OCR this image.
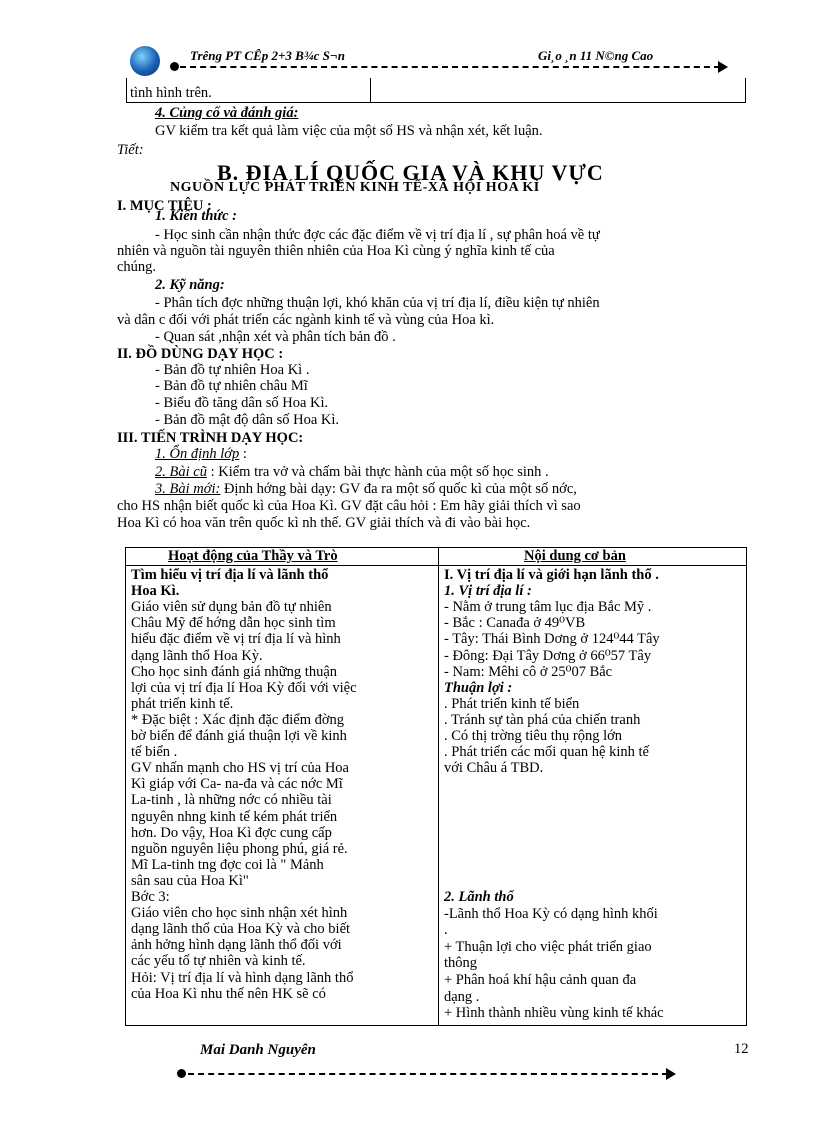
Trêng PT CÊp 2+3 B¾c S¬n	Gi¸o ¸n 11 N©ng Cao
tình hình trên.
4. Củng cố và đánh giá:
GV kiểm tra kết quả làm việc của một số HS và nhận xét, kết luận.
Tiết:
B. ĐỊA LÍ QUỐC GIA VÀ KHU VỰC
NGUỒN LỰC PHÁT TRIỂN KINH TẾ-XÃ HỘI HOA KÌ
I. MỤC TIÊU :
1. Kiến thức :
- Học sinh cần nhận thức đợc các đặc điểm về vị trí địa lí , sự phân hoá về tự
nhiên và nguồn tài nguyên thiên nhiên của Hoa Kì cùng ý nghĩa kinh tế của
chúng.
2. Kỹ năng:
- Phân tích đợc những thuận lợi, khó khăn của vị trí địa lí, điều kiện tự nhiên
và dân c đối với phát triển các ngành kinh tế và vùng của Hoa kì.
- Quan sát ,nhận xét và phân tích bản đồ .
II. ĐỒ DÙNG DẠY HỌC :
- Bản đồ tự nhiên Hoa Kì .
- Bản đồ tự nhiên châu Mĩ
- Biểu đồ tăng dân số Hoa Kì.
- Bản đồ mật độ dân số Hoa Kì.
III. TIẾN TRÌNH DẠY HỌC:
1. Ổn định lớp :
2. Bài cũ : Kiểm tra vở và chấm bài thực hành của một số học sinh .
3. Bài mới: Định hớng bài dạy: GV đa ra một số quốc kì của một số nớc,
cho HS nhận biết quốc kì của Hoa Kì. GV đặt câu hỏi : Em hãy giải thích vì sao
Hoa Kì có hoa văn trên quốc kì nh thế. GV giải thích và đi vào bài học.
Hoạt động của Thầy và Trò	Nội dung cơ bản
Tìm hiểu vị trí địa lí và lãnh thổ
Hoa Kì.
Giáo viên sử dụng bản đồ tự nhiên
Châu Mỹ để hớng dẫn học sinh tìm
hiểu đặc điểm về vị trí địa lí và hình
dạng lãnh thổ Hoa Kỳ.
Cho học sinh đánh giá những thuận
lợi của vị trí địa lí Hoa Kỳ đối với việc
phát triển kinh tế.
* Đặc biệt : Xác định đặc điểm đờng
bờ biển để đánh giá thuận lợi về kinh
tế biển .
GV nhấn mạnh cho HS vị trí của Hoa
Kì giáp với Ca- na-đa và các nớc Mĩ
La-tinh , là những nớc có nhiều tài
nguyên nhng kinh tế kém phát triển
hơn. Do vậy, Hoa Kì đợc cung cấp
nguồn nguyên liệu phong phú, giá rẻ.
Mĩ La-tinh tng đợc coi là " Mảnh
sân sau của Hoa Kì"
Bớc 3:
Giáo viên cho học sinh nhận xét hình
dạng lãnh thổ của Hoa Kỳ và cho biết
ảnh hởng hình dạng lãnh thổ đối với
các yếu tố tự nhiên và kinh tế.
Hỏi: Vị trí địa lí và hình dạng lãnh thổ
của Hoa Kì nhu thế nên HK sẽ có
I. Vị trí địa lí và giới hạn lãnh thổ .
1. Vị trí địa lí :
- Nằm ở trung tâm lục địa Bắc Mỹ .
- Bắc : Canađa ở 49⁰VB
- Tây: Thái Bình Dơng ở 124⁰44 Tây
- Đông: Đại Tây Dơng ở 66⁰57 Tây
- Nam: Mêhi cô ở 25⁰07 Bắc
Thuận lợi :
. Phát triển kinh tế biển
. Tránh sự tàn phá của chiến tranh
. Có thị trờng tiêu thụ rộng lớn
. Phát triển các mối quan hệ kinh tế
với Châu á TBD.
2. Lãnh thổ
-Lãnh thổ Hoa Kỳ có dạng hình khối
.
+ Thuận lợi cho việc phát triển giao
thông
+ Phân hoá khí hậu cảnh quan đa
dạng .
+ Hình thành nhiều vùng kinh tế khác
Mai Danh Nguyên	12
